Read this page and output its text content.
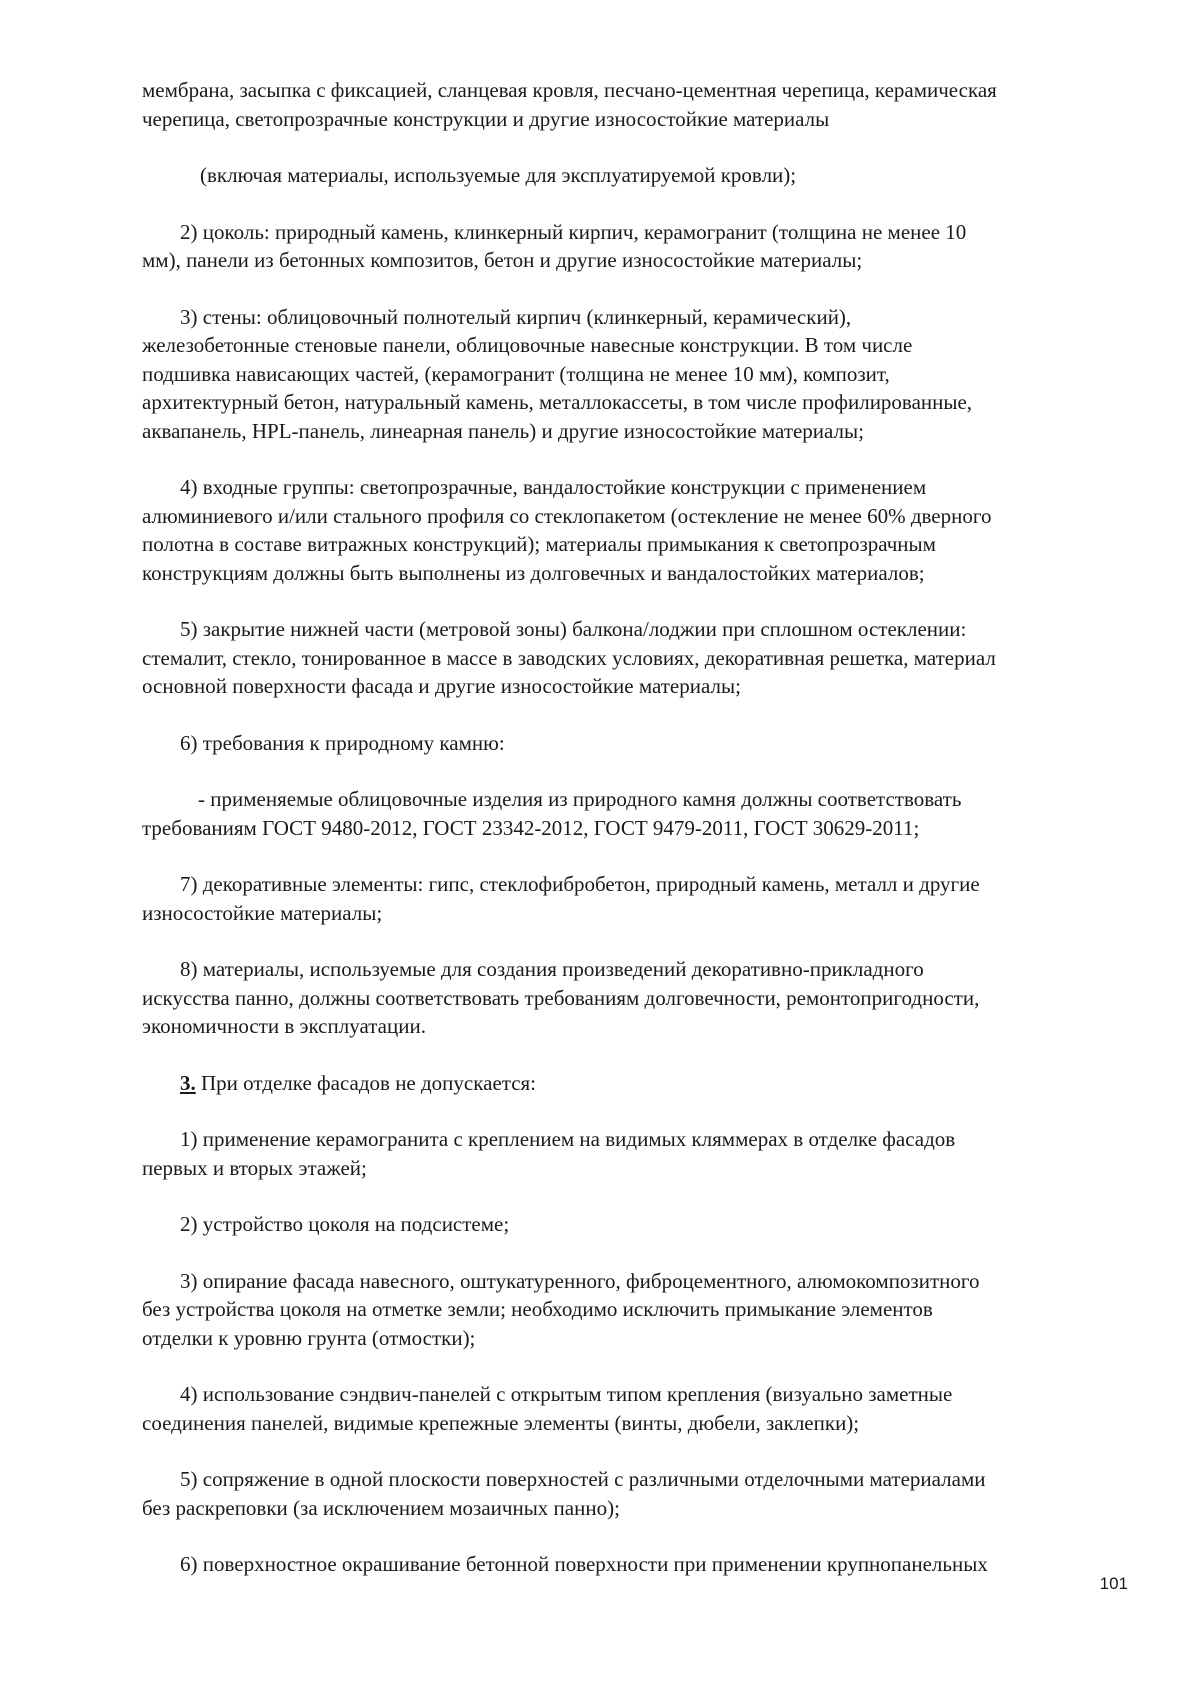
мембрана, засыпка с фиксацией, сланцевая кровля, песчано-цементная черепица, керамическая
черепица, светопрозрачные конструкции и другие износостойкие материалы

(включая материалы, используемые для эксплуатируемой кровли);

2) цоколь: природный камень, клинкерный кирпич, керамогранит (толщина не менее 10
мм), панели из бетонных композитов, бетон и другие износостойкие материалы;

3) стены: облицовочный полнотелый кирпич (клинкерный, керамический),
железобетонные стеновые панели, облицовочные навесные конструкции. В том числе
подшивка нависающих частей, (керамогранит (толщина не менее 10 мм), композит,
архитектурный бетон, натуральный камень, металлокассеты, в том числе профилированные,
аквапанель, HPL-панель, линеарная панель) и другие износостойкие материалы;

4) входные группы: светопрозрачные, вандалостойкие конструкции с применением
алюминиевого и/или стального профиля со стеклопакетом (остекление не менее 60% дверного
полотна в составе витражных конструкций); материалы примыкания к светопрозрачным
конструкциям должны быть выполнены из долговечных и вандалостойких материалов;

5) закрытие нижней части (метровой зоны) балкона/лоджии при сплошном остеклении:
стемалит, стекло, тонированное в массе в заводских условиях, декоративная решетка, материал
основной поверхности фасада и другие износостойкие материалы;

6) требования к природному камню:

- применяемые облицовочные изделия из природного камня должны соответствовать
требованиям ГОСТ 9480-2012, ГОСТ 23342-2012, ГОСТ 9479-2011, ГОСТ 30629-2011;

7) декоративные элементы: гипс, стеклофибробетон, природный камень, металл и другие
износостойкие материалы;

8) материалы, используемые для создания произведений декоративно-прикладного
искусства панно, должны соответствовать требованиям долговечности, ремонтопригодности,
экономичности в эксплуатации.

3. При отделке фасадов не допускается:

1) применение керамогранита с креплением на видимых кляммерах в отделке фасадов
первых и вторых этажей;

2) устройство цоколя на подсистеме;

3) опирание фасада навесного, оштукатуренного, фиброцементного, алюмокомпозитного
без устройства цоколя на отметке земли; необходимо исключить примыкание элементов
отделки к уровню грунта (отмостки);

4) использование сэндвич-панелей с открытым типом крепления (визуально заметные
соединения панелей, видимые крепежные элементы (винты, дюбели, заклепки);

5) сопряжение в одной плоскости поверхностей с различными отделочными материалами
без раскреповки (за исключением мозаичных панно);

6) поверхностное окрашивание бетонной поверхности при применении крупнопанельных

101
